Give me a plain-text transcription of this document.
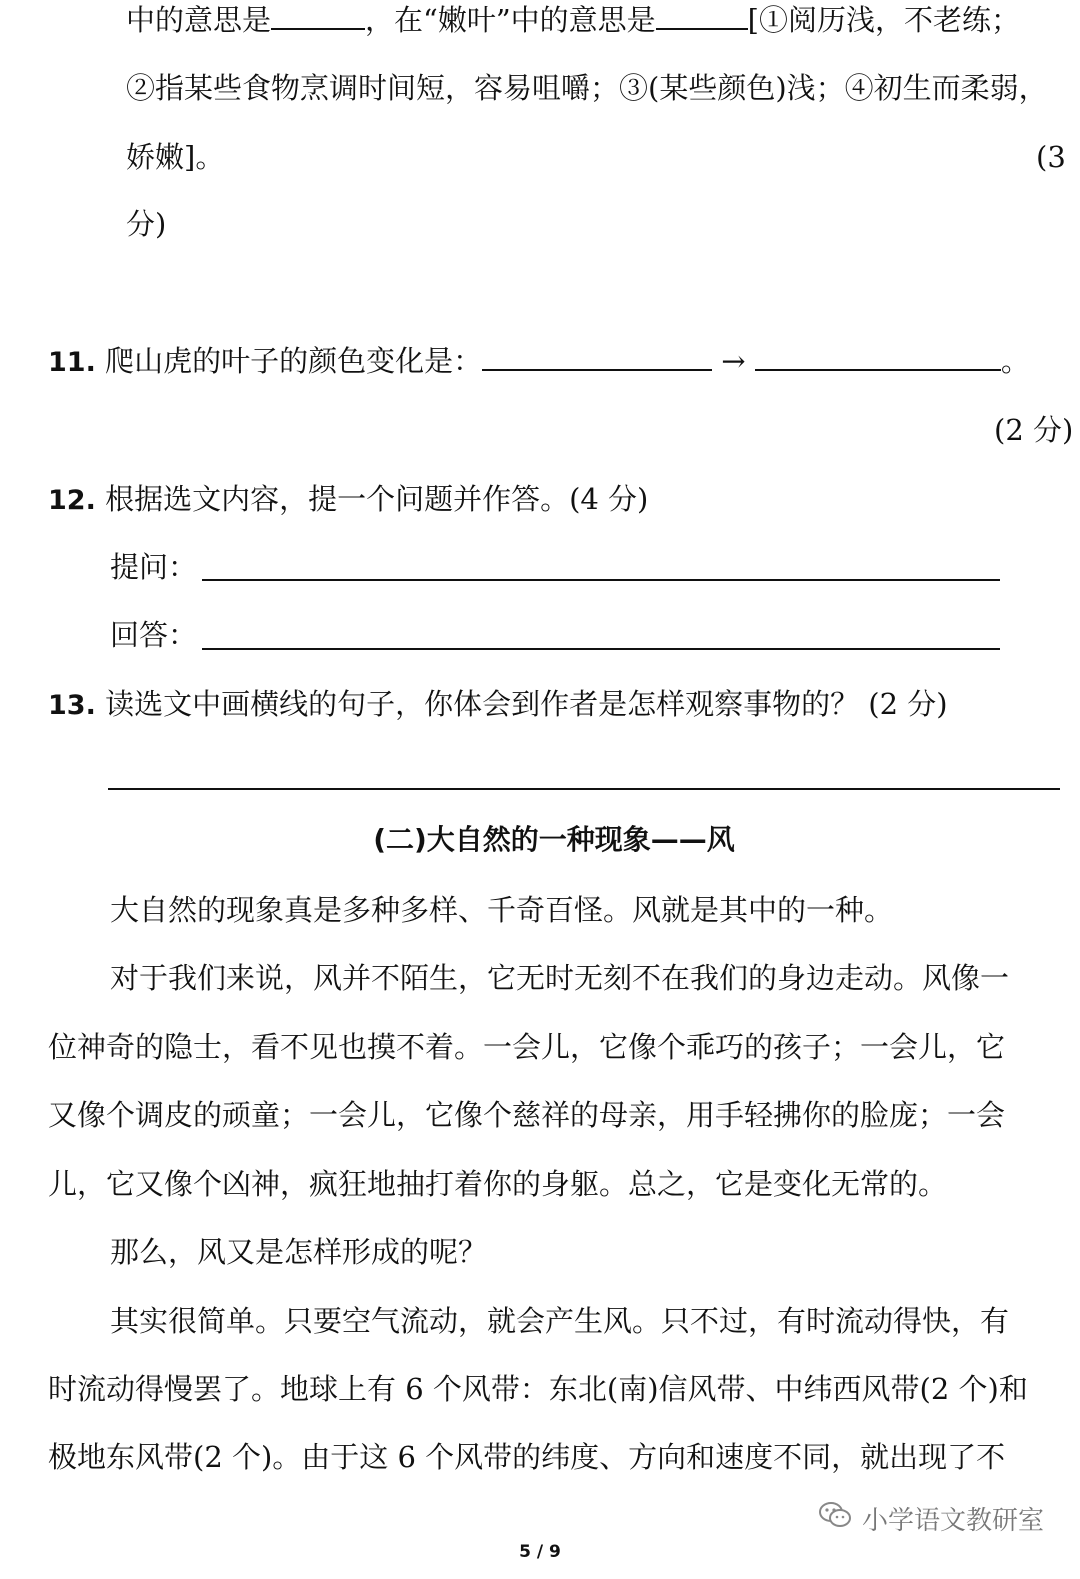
中的意思是	，在“嫩叶”中的意思是	[①阅历浅，不老练；
②指某些食物烹调时间短，容易咀嚼；③(某些颜色)浅；④初生而柔弱，
娇嫩]。	(3
分)
11. 爬山虎的叶子的颜色变化是：	→	。
(2 分)
12. 根据选文内容，提一个问题并作答。(4 分)
提问：
回答：
13. 读选文中画横线的句子，你体会到作者是怎样观察事物的？ (2 分)
(二)大自然的一种现象——风
大自然的现象真是多种多样、千奇百怪。风就是其中的一种。
对于我们来说，风并不陌生，它无时无刻不在我们的身边走动。风像一
位神奇的隐士，看不见也摸不着。一会儿，它像个乖巧的孩子；一会儿，它
又像个调皮的顽童；一会儿，它像个慈祥的母亲，用手轻拂你的脸庞；一会
儿，它又像个凶神，疯狂地抽打着你的身躯。总之，它是变化无常的。
那么，风又是怎样形成的呢？
其实很简单。只要空气流动，就会产生风。只不过，有时流动得快，有
时流动得慢罢了。地球上有 6 个风带：东北(南)信风带、中纬西风带(2 个)和
极地东风带(2 个)。由于这 6 个风带的纬度、方向和速度不同，就出现了不
小学语文教研室
5 / 9
